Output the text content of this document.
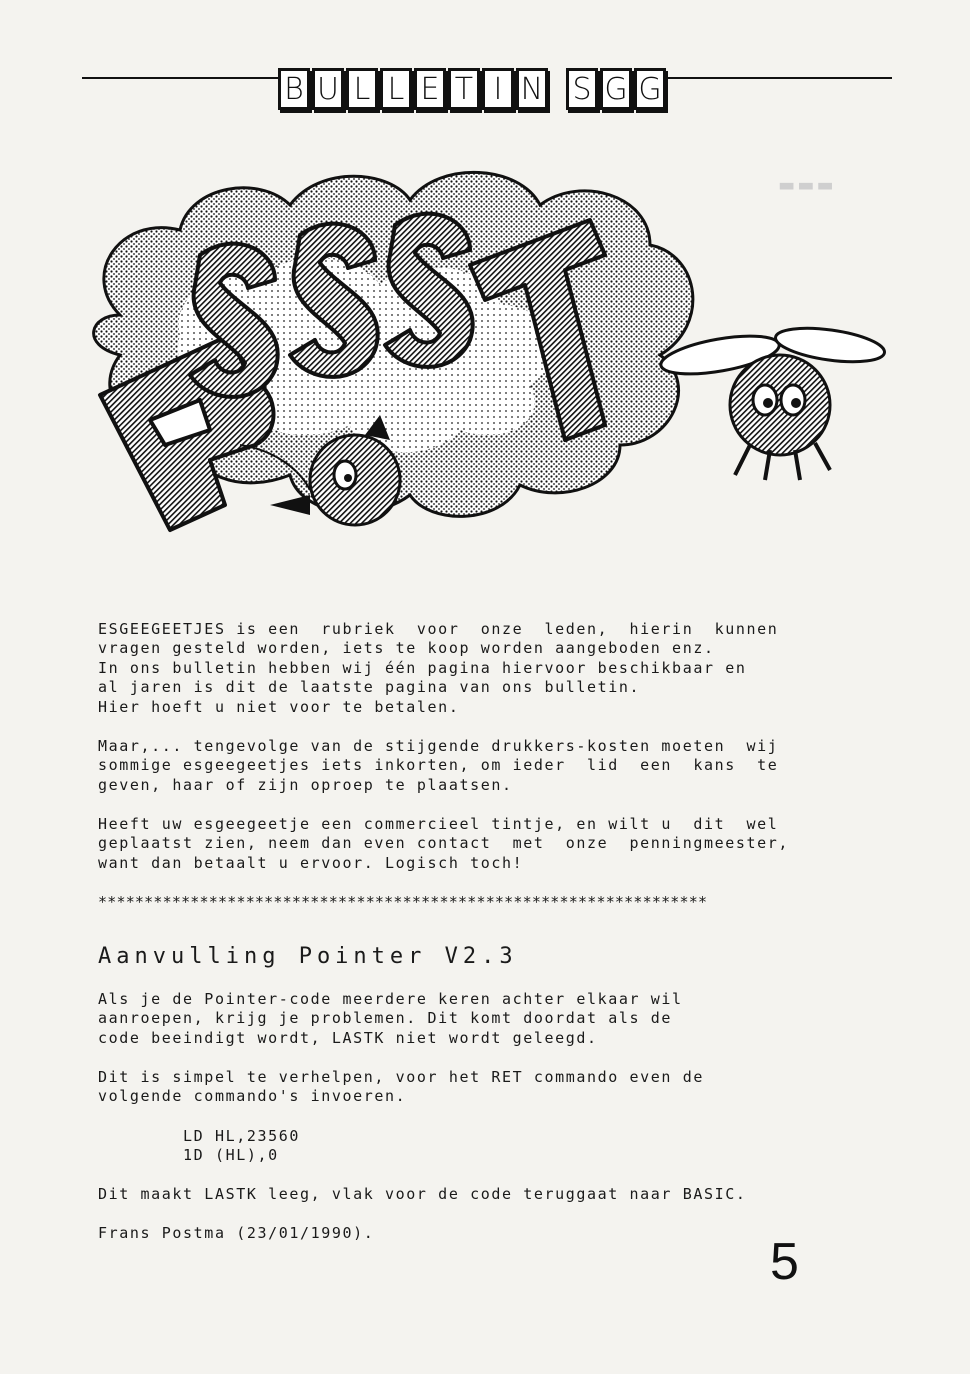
B U L L E T I N S G G
▂▂▂
ESGEEGEETJES is een  rubriek  voor  onze  leden,  hierin  kunnen
vragen gesteld worden, iets te koop worden aangeboden enz.
In ons bulletin hebben wij één pagina hiervoor beschikbaar en
al jaren is dit de laatste pagina van ons bulletin.
Hier hoeft u niet voor te betalen.
Maar,... tengevolge van de stijgende drukkers-kosten moeten  wij
sommige esgeegeetjes iets inkorten, om ieder  lid  een  kans  te
geven, haar of zijn oproep te plaatsen.
Heeft uw esgeegeetje een commercieel tintje, en wilt u  dit  wel
geplaatst zien, neem dan even contact  met  onze  penningmeester,
want dan betaalt u ervoor. Logisch toch!
******************************************************************
Aanvulling Pointer V2.3
Als je de Pointer-code meerdere keren achter elkaar wil
aanroepen, krijg je problemen. Dit komt doordat als de
code beeindigt wordt, LASTK niet wordt geleegd.
Dit is simpel te verhelpen, voor het RET commando even de
volgende commando's invoeren.
LD HL,23560
1D (HL),0
Dit maakt LASTK leeg, vlak voor de code teruggaat naar BASIC.
Frans Postma (23/01/1990).	5
